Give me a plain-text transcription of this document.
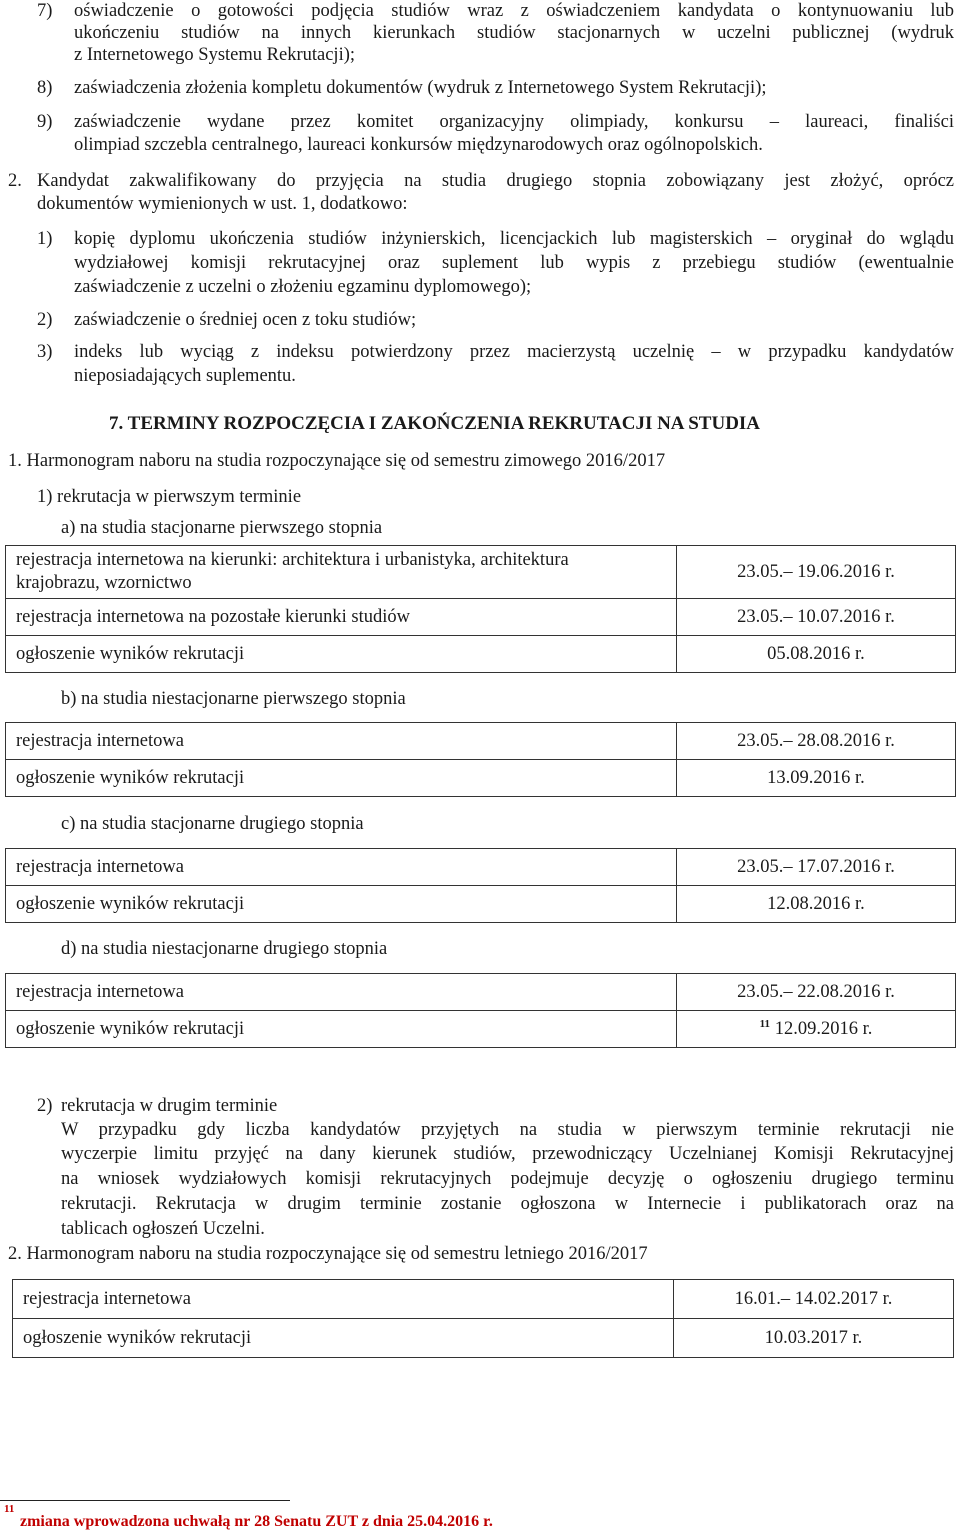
7) oświadczenie o gotowości podjęcia studiów wraz z oświadczeniem kandydata o kontynuowaniu lub
ukończeniu studiów na innych kierunkach studiów stacjonarnych w uczelni publicznej (wydruk
z Internetowego Systemu Rekrutacji);
8) zaświadczenia złożenia kompletu dokumentów (wydruk z Internetowego System Rekrutacji);
9) zaświadczenie wydane przez komitet organizacyjny olimpiady, konkursu – laureaci, finaliści
olimpiad szczebla centralnego, laureaci konkursów międzynarodowych oraz ogólnopolskich.
2. Kandydat zakwalifikowany do przyjęcia na studia drugiego stopnia zobowiązany jest złożyć, oprócz
dokumentów wymienionych w ust. 1, dodatkowo:
1) kopię dyplomu ukończenia studiów inżynierskich, licencjackich lub magisterskich – oryginał do wglądu
wydziałowej komisji rekrutacyjnej oraz suplement lub wypis z przebiegu studiów (ewentualnie
zaświadczenie z uczelni o złożeniu egzaminu dyplomowego);
2) zaświadczenie o średniej ocen z toku studiów;
3) indeks lub wyciąg z indeksu potwierdzony przez macierzystą uczelnię – w przypadku kandydatów
nieposiadających suplementu.
7. TERMINY ROZPOCZĘCIA I ZAKOŃCZENIA REKRUTACJI NA STUDIA
1. Harmonogram naboru na studia rozpoczynające się od semestru zimowego 2016/2017
1) rekrutacja w pierwszym terminie
a) na studia stacjonarne pierwszego stopnia
rejestracja internetowa na kierunki: architektura i urbanistyka, architektura
krajobrazu, wzornictwo	23.05.– 19.06.2016 r.
rejestracja internetowa na pozostałe kierunki studiów	23.05.– 10.07.2016 r.
ogłoszenie wyników rekrutacji	05.08.2016 r.
b) na studia niestacjonarne pierwszego stopnia
rejestracja internetowa	23.05.– 28.08.2016 r.
ogłoszenie wyników rekrutacji	13.09.2016 r.
c) na studia stacjonarne drugiego stopnia
rejestracja internetowa	23.05.– 17.07.2016 r.
ogłoszenie wyników rekrutacji	12.08.2016 r.
d) na studia niestacjonarne drugiego stopnia
rejestracja internetowa	23.05.– 22.08.2016 r.
ogłoszenie wyników rekrutacji	$^{11}$ 12.09.2016 r.
2) rekrutacja w drugim terminie
W przypadku gdy liczba kandydatów przyjętych na studia w pierwszym terminie rekrutacji nie
wyczerpie limitu przyjęć na dany kierunek studiów, przewodniczący Uczelnianej Komisji Rekrutacyjnej
na wniosek wydziałowych komisji rekrutacyjnych podejmuje decyzję o ogłoszeniu drugiego terminu
rekrutacji. Rekrutacja w drugim terminie zostanie ogłoszona w Internecie i publikatorach oraz na
tablicach ogłoszeń Uczelni.
2. Harmonogram naboru na studia rozpoczynające się od semestru letniego 2016/2017
rejestracja internetowa	16.01.– 14.02.2017 r.
ogłoszenie wyników rekrutacji	10.03.2017 r.
11
zmiana wprowadzona uchwałą nr 28 Senatu ZUT z dnia 25.04.2016 r.
